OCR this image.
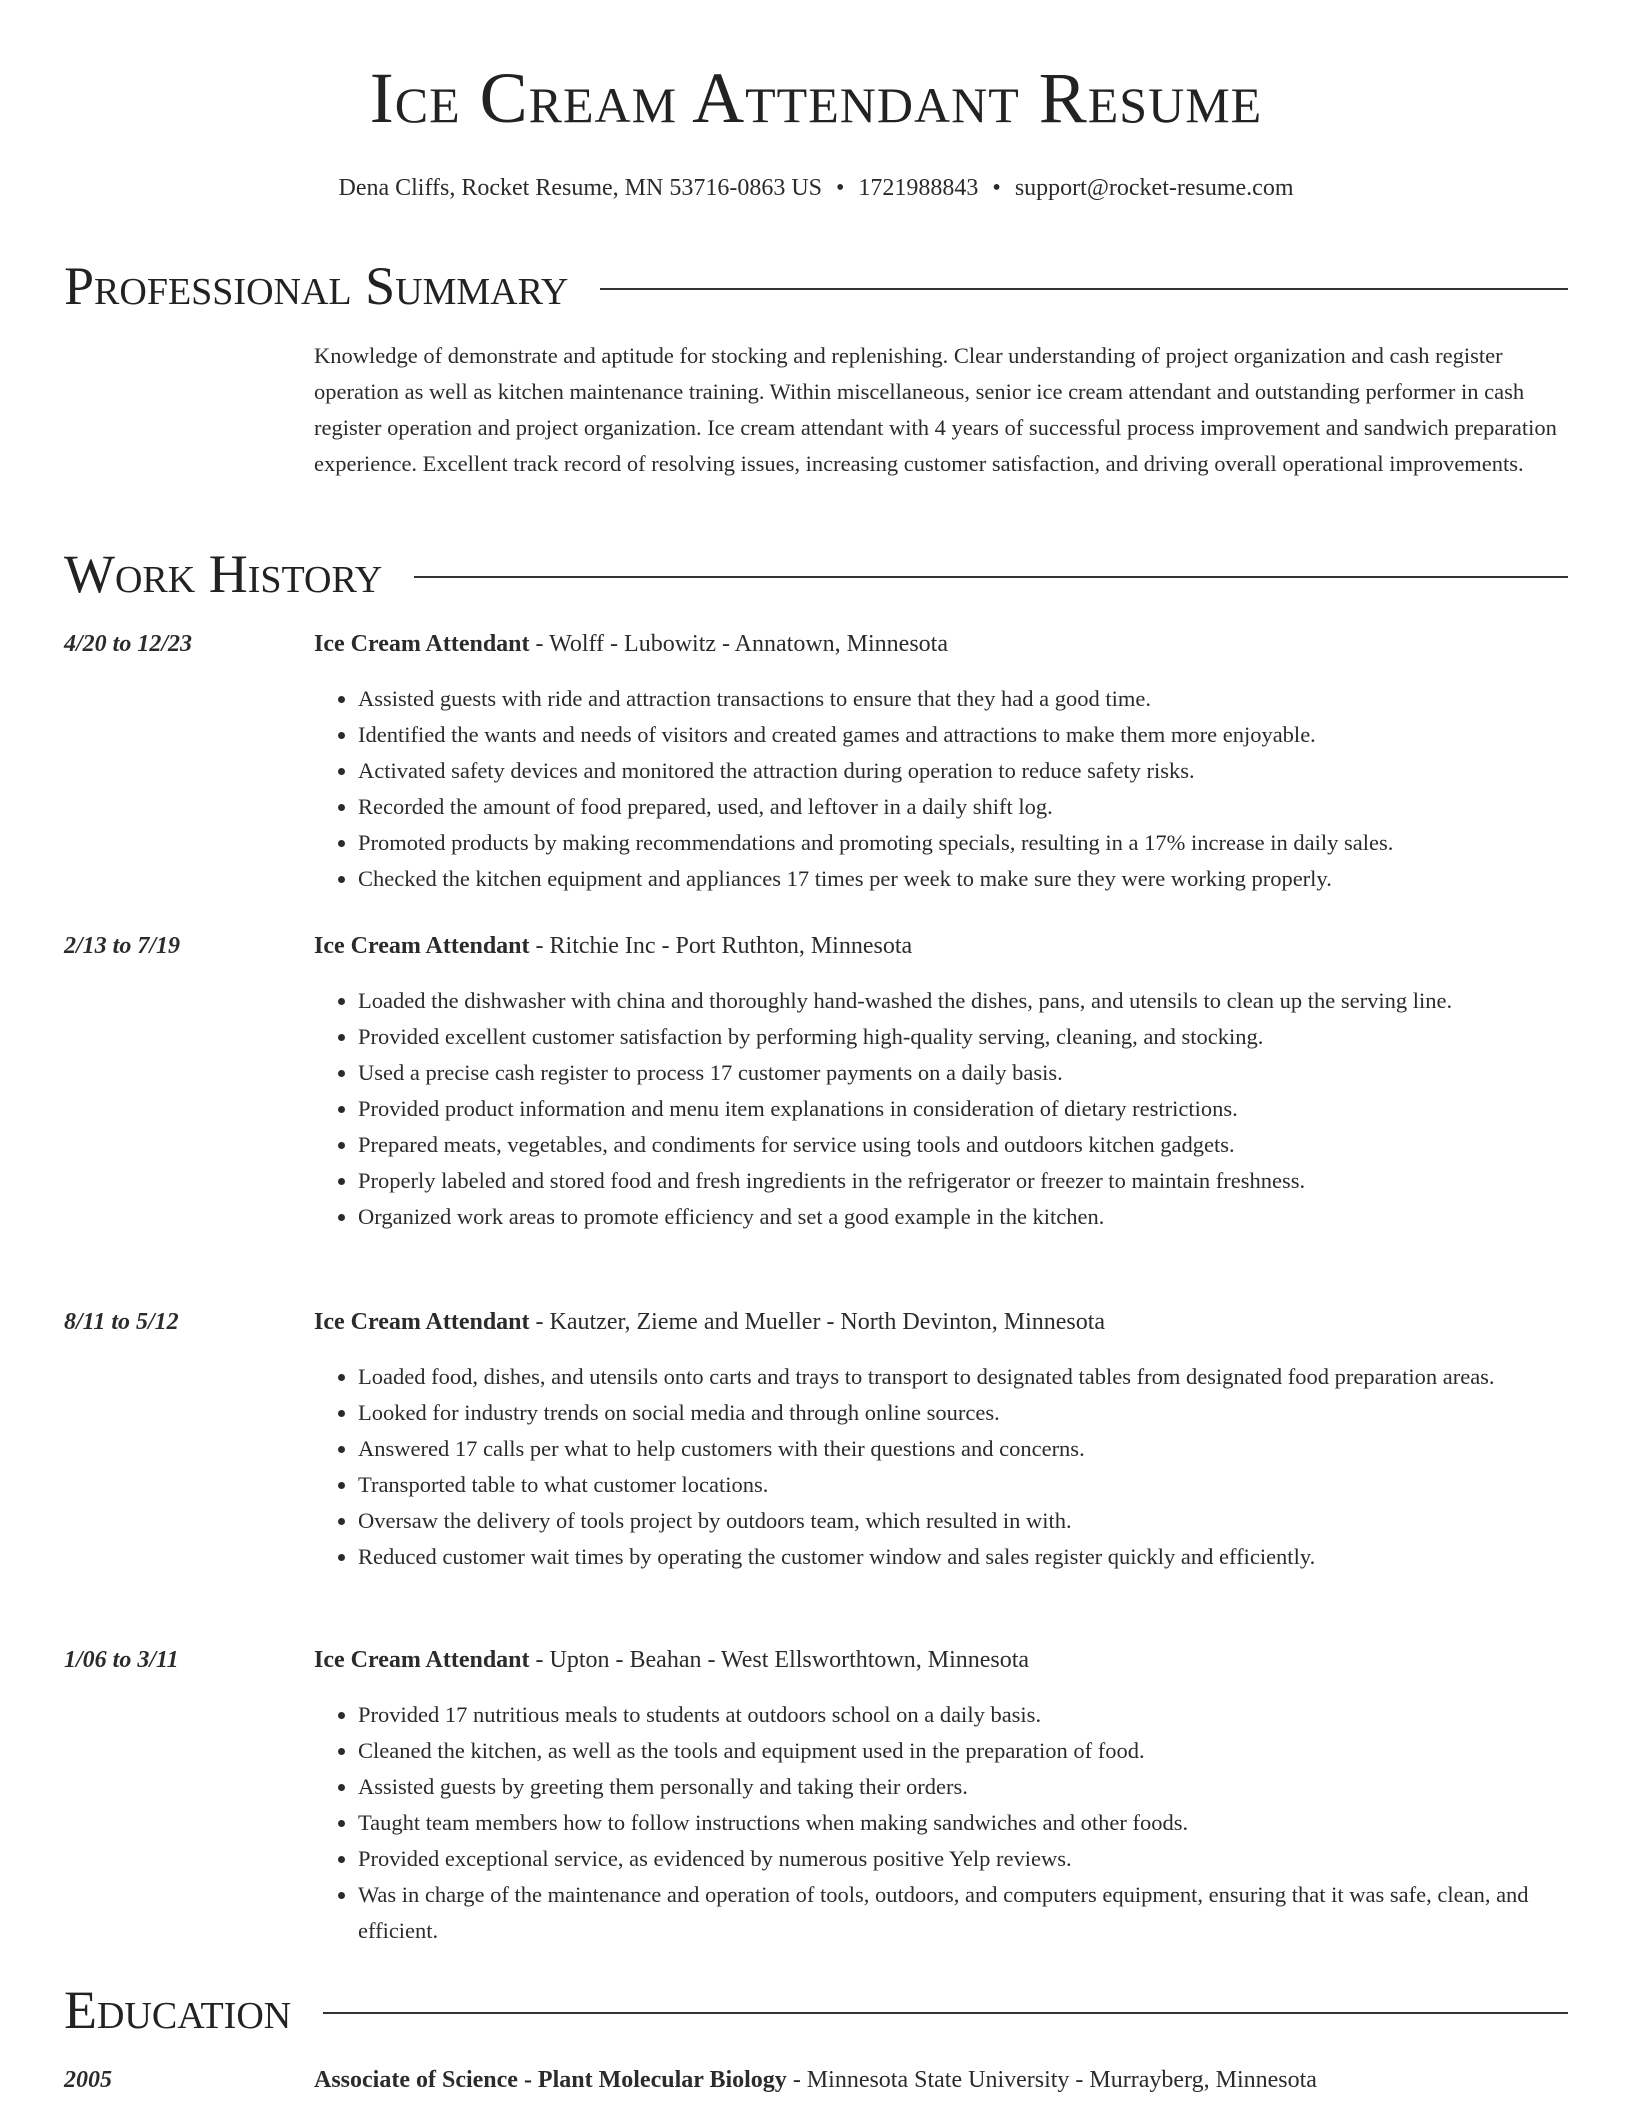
Ice Cream Attendant Resume
Dena Cliffs, Rocket Resume, MN 53716-0863 US • 1721988843 • support@rocket-resume.com
Professional Summary
Knowledge of demonstrate and aptitude for stocking and replenishing. Clear understanding of project organization and cash register operation as well as kitchen maintenance training. Within miscellaneous, senior ice cream attendant and outstanding performer in cash register operation and project organization. Ice cream attendant with 4 years of successful process improvement and sandwich preparation experience. Excellent track record of resolving issues, increasing customer satisfaction, and driving overall operational improvements.
Work History
4/20 to 12/23	Ice Cream Attendant - Wolff - Lubowitz - Annatown, Minnesota
• Assisted guests with ride and attraction transactions to ensure that they had a good time.
• Identified the wants and needs of visitors and created games and attractions to make them more enjoyable.
• Activated safety devices and monitored the attraction during operation to reduce safety risks.
• Recorded the amount of food prepared, used, and leftover in a daily shift log.
• Promoted products by making recommendations and promoting specials, resulting in a 17% increase in daily sales.
• Checked the kitchen equipment and appliances 17 times per week to make sure they were working properly.
2/13 to 7/19	Ice Cream Attendant - Ritchie Inc - Port Ruthton, Minnesota
• Loaded the dishwasher with china and thoroughly hand-washed the dishes, pans, and utensils to clean up the serving line.
• Provided excellent customer satisfaction by performing high-quality serving, cleaning, and stocking.
• Used a precise cash register to process 17 customer payments on a daily basis.
• Provided product information and menu item explanations in consideration of dietary restrictions.
• Prepared meats, vegetables, and condiments for service using tools and outdoors kitchen gadgets.
• Properly labeled and stored food and fresh ingredients in the refrigerator or freezer to maintain freshness.
• Organized work areas to promote efficiency and set a good example in the kitchen.
8/11 to 5/12	Ice Cream Attendant - Kautzer, Zieme and Mueller - North Devinton, Minnesota
• Loaded food, dishes, and utensils onto carts and trays to transport to designated tables from designated food preparation areas.
• Looked for industry trends on social media and through online sources.
• Answered 17 calls per what to help customers with their questions and concerns.
• Transported table to what customer locations.
• Oversaw the delivery of tools project by outdoors team, which resulted in with.
• Reduced customer wait times by operating the customer window and sales register quickly and efficiently.
1/06 to 3/11	Ice Cream Attendant - Upton - Beahan - West Ellsworthtown, Minnesota
• Provided 17 nutritious meals to students at outdoors school on a daily basis.
• Cleaned the kitchen, as well as the tools and equipment used in the preparation of food.
• Assisted guests by greeting them personally and taking their orders.
• Taught team members how to follow instructions when making sandwiches and other foods.
• Provided exceptional service, as evidenced by numerous positive Yelp reviews.
• Was in charge of the maintenance and operation of tools, outdoors, and computers equipment, ensuring that it was safe, clean, and efficient.
Education
2005	Associate of Science - Plant Molecular Biology - Minnesota State University - Murrayberg, Minnesota
